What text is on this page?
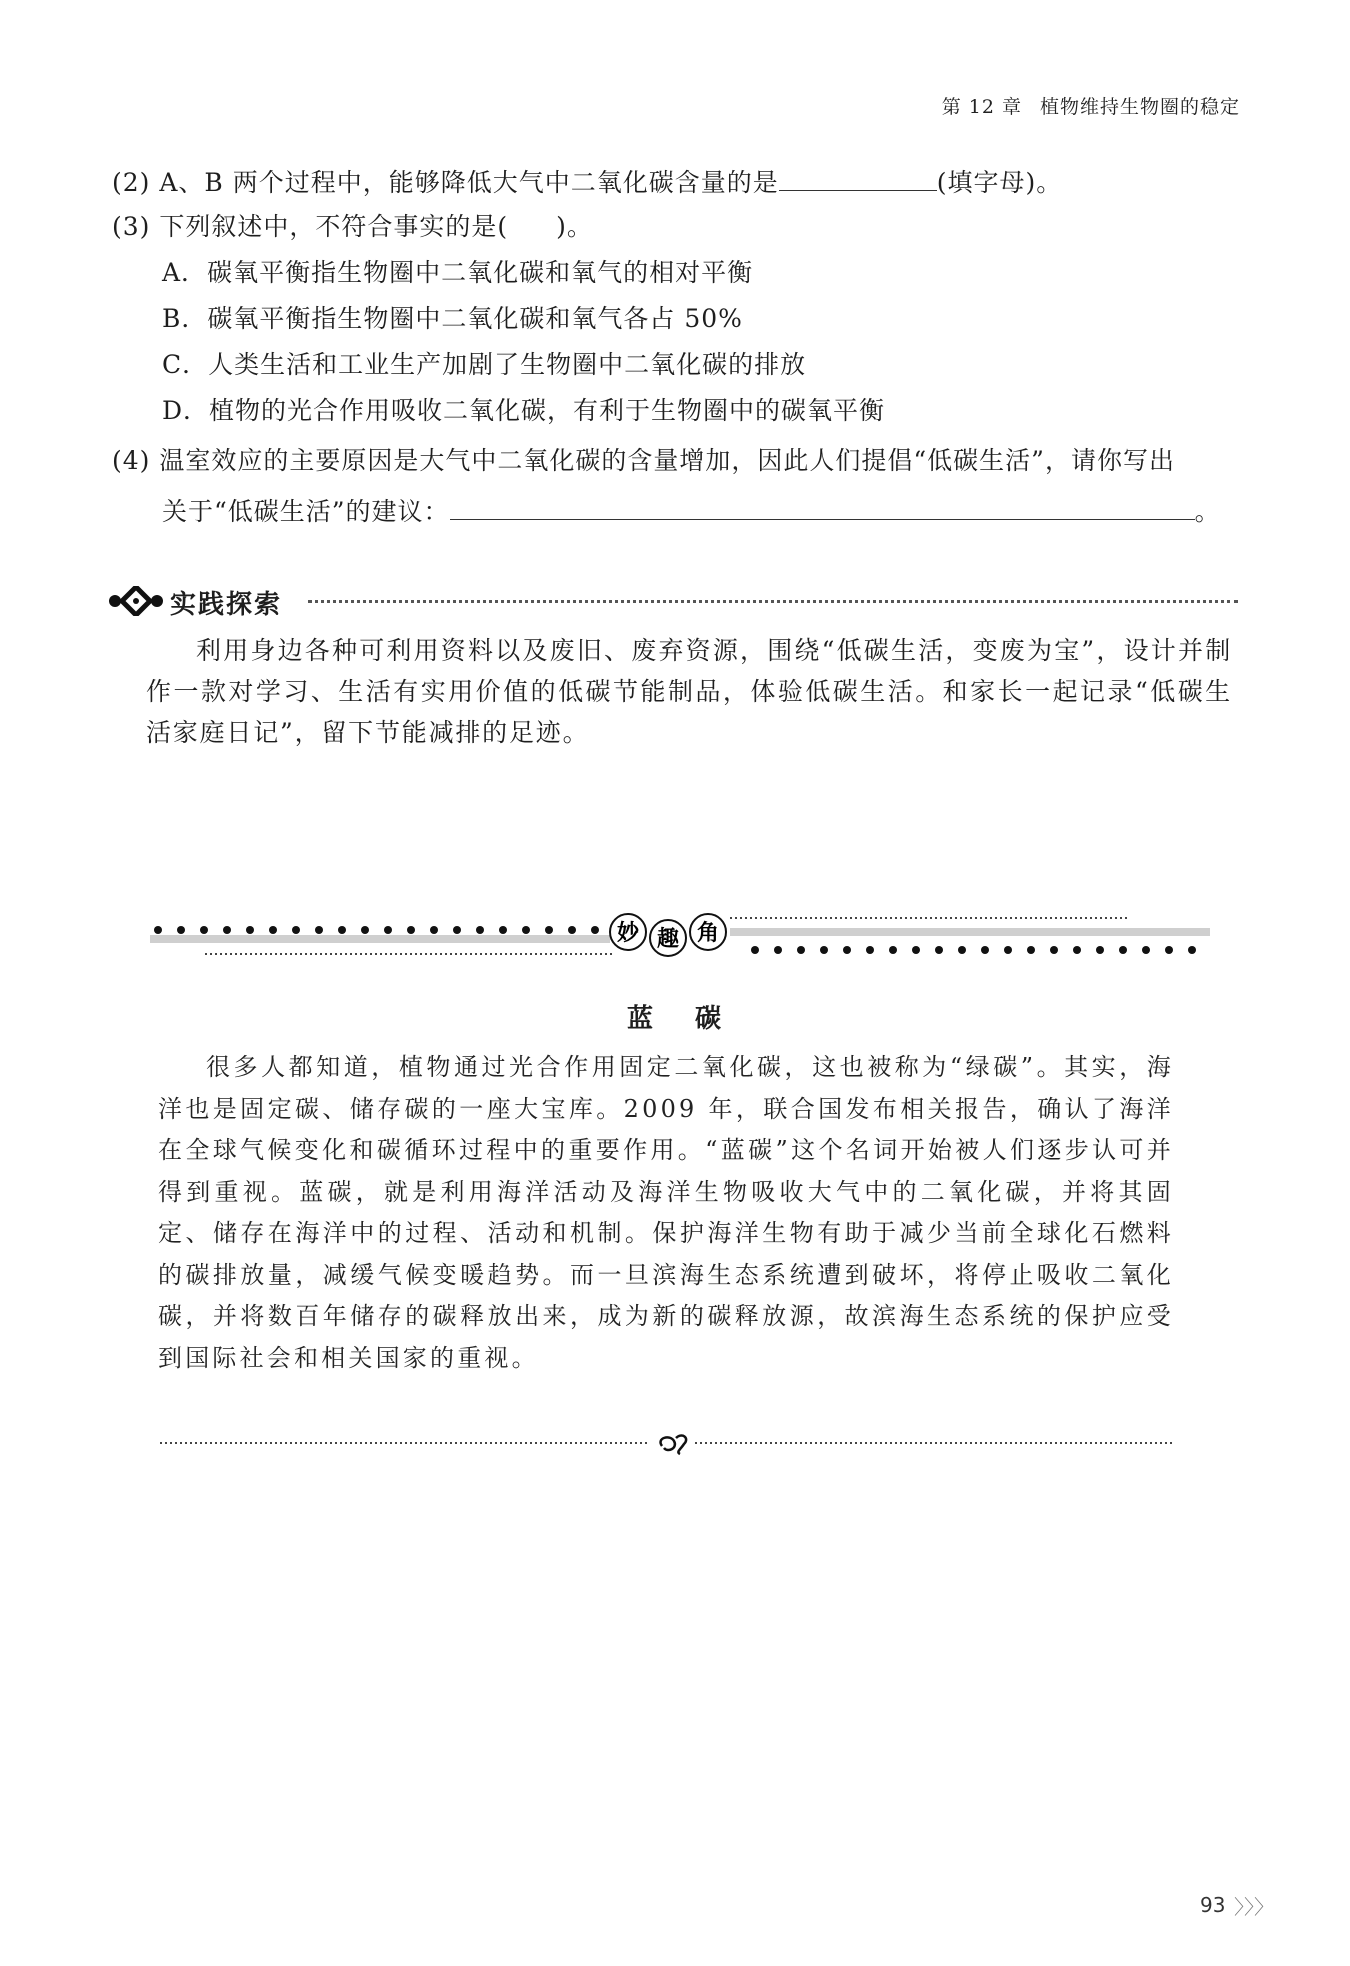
第 12 章 植物维持生物圈的稳定
(2) A、B 两个过程中，能够降低大气中二氧化碳含量的是	(填字母)。
(3) 下列叙述中，不符合事实的是( )。
A．碳氧平衡指生物圈中二氧化碳和氧气的相对平衡
B．碳氧平衡指生物圈中二氧化碳和氧气各占 50%
C．人类生活和工业生产加剧了生物圈中二氧化碳的排放
D．植物的光合作用吸收二氧化碳，有利于生物圈中的碳氧平衡
(4) 温室效应的主要原因是大气中二氧化碳的含量增加，因此人们提倡“低碳生活”，请你写出
关于“低碳生活”的建议：	。
实践探索
利用身边各种可利用资料以及废旧、废弃资源，围绕“低碳生活，变废为宝”，设计并制作一款对学习、生活有实用价值的低碳节能制品，体验低碳生活。和家长一起记录“低碳生活家庭日记”，留下节能减排的足迹。
妙 趣 角
蓝碳
很多人都知道，植物通过光合作用固定二氧化碳，这也被称为“绿碳”。其实，海洋也是固定碳、储存碳的一座大宝库。2009 年，联合国发布相关报告，确认了海洋在全球气候变化和碳循环过程中的重要作用。“蓝碳”这个名词开始被人们逐步认可并得到重视。蓝碳，就是利用海洋活动及海洋生物吸收大气中的二氧化碳，并将其固定、储存在海洋中的过程、活动和机制。保护海洋生物有助于减少当前全球化石燃料的碳排放量，减缓气候变暖趋势。而一旦滨海生态系统遭到破坏，将停止吸收二氧化碳，并将数百年储存的碳释放出来，成为新的碳释放源，故滨海生态系统的保护应受到国际社会和相关国家的重视。
93 〉〉〉
